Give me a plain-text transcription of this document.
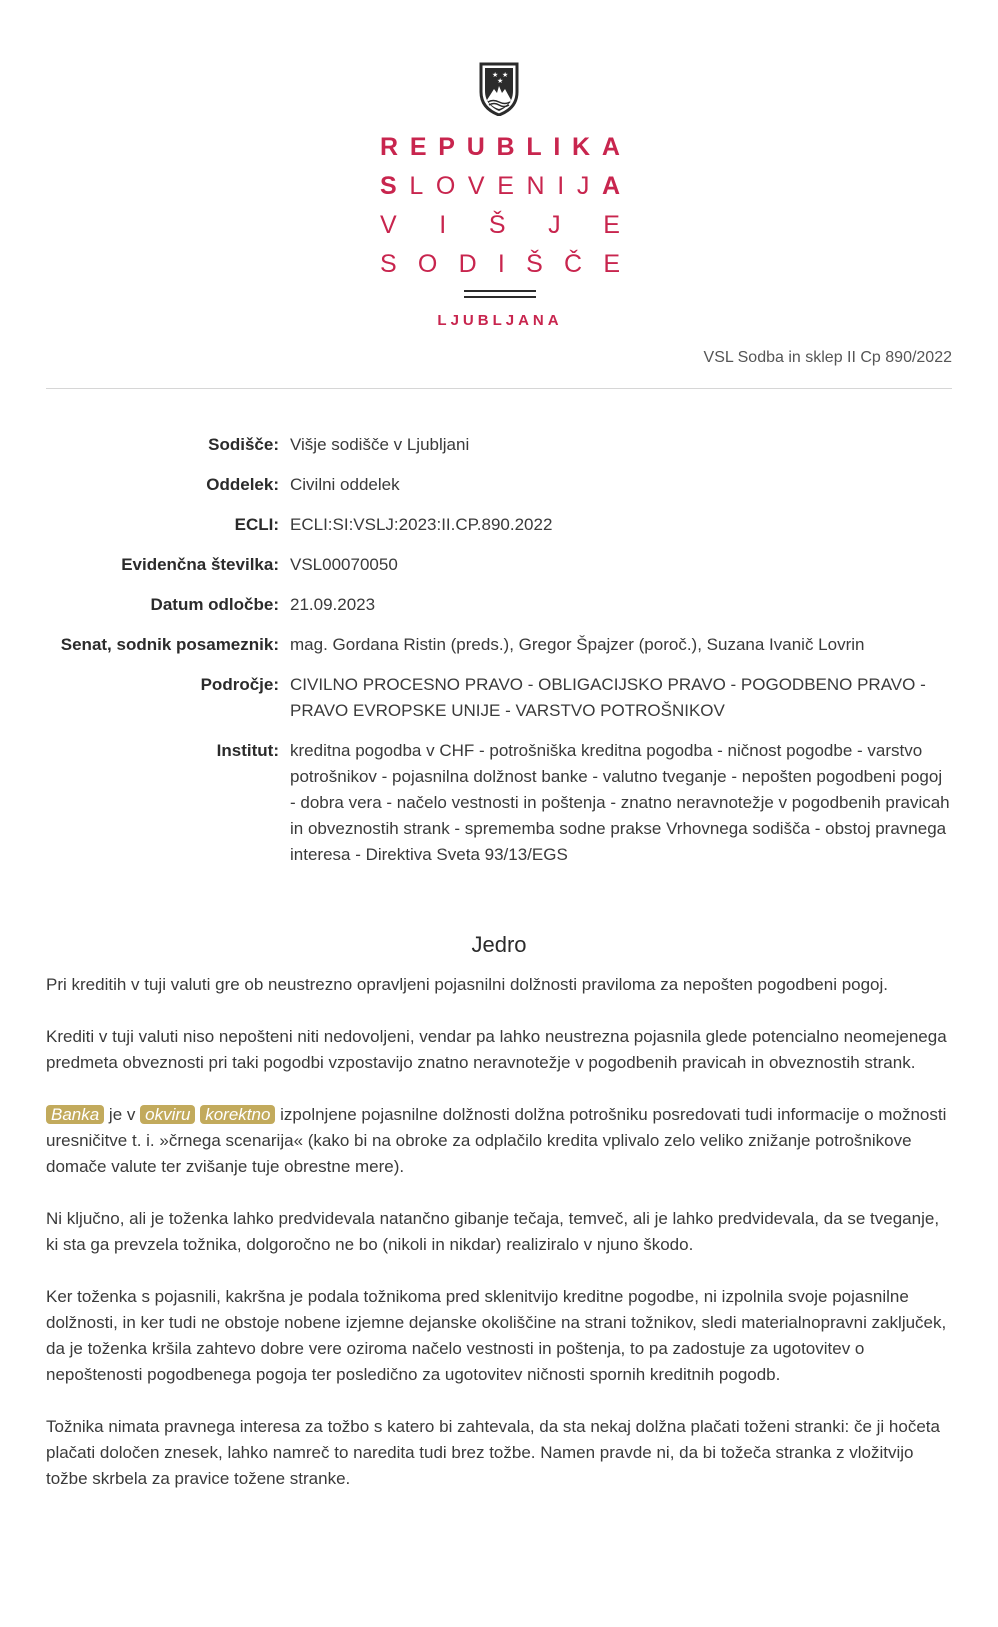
★ ★
★
R E P U B L I K A
S L O V E N I J A
V I Š J E
S O D I Š Č E
LJUBLJANA
VSL Sodba in sklep II Cp 890/2022
Sodišče: Višje sodišče v Ljubljani
Oddelek: Civilni oddelek
ECLI: ECLI:SI:VSLJ:2023:II.CP.890.2022
Evidenčna številka: VSL00070050
Datum odločbe: 21.09.2023
Senat, sodnik posameznik: mag. Gordana Ristin (preds.), Gregor Špajzer (poroč.), Suzana Ivanič Lovrin
Področje: CIVILNO PROCESNO PRAVO - OBLIGACIJSKO PRAVO - POGODBENO PRAVO - PRAVO EVROPSKE UNIJE - VARSTVO POTROŠNIKOV
Institut: kreditna pogodba v CHF - potrošniška kreditna pogodba - ničnost pogodbe - varstvo potrošnikov - pojasnilna dolžnost banke - valutno tveganje - nepošten pogodbeni pogoj - dobra vera - načelo vestnosti in poštenja - znatno neravnotežje v pogodbenih pravicah in obveznostih strank - sprememba sodne prakse Vrhovnega sodišča - obstoj pravnega interesa - Direktiva Sveta 93/13/EGS
Jedro

Pri kreditih v tuji valuti gre ob neustrezno opravljeni pojasnilni dolžnosti praviloma za nepošten pogodbeni pogoj.

Krediti v tuji valuti niso nepošteni niti nedovoljeni, vendar pa lahko neustrezna pojasnila glede potencialno neomejenega predmeta obveznosti pri taki pogodbi vzpostavijo znatno neravnotežje v pogodbenih pravicah in obveznostih strank.

Banka je v okviru korektno izpolnjene pojasnilne dolžnosti dolžna potrošniku posredovati tudi informacije o možnosti uresničitve t. i. »črnega scenarija« (kako bi na obroke za odplačilo kredita vplivalo zelo veliko znižanje potrošnikove domače valute ter zvišanje tuje obrestne mere).

Ni ključno, ali je toženka lahko predvidevala natančno gibanje tečaja, temveč, ali je lahko predvidevala, da se tveganje, ki sta ga prevzela tožnika, dolgoročno ne bo (nikoli in nikdar) realiziralo v njuno škodo.

Ker toženka s pojasnili, kakršna je podala tožnikoma pred sklenitvijo kreditne pogodbe, ni izpolnila svoje pojasnilne dolžnosti, in ker tudi ne obstoje nobene izjemne dejanske okoliščine na strani tožnikov, sledi materialnopravni zaključek, da je toženka kršila zahtevo dobre vere oziroma načelo vestnosti in poštenja, to pa zadostuje za ugotovitev o nepoštenosti pogodbenega pogoja ter posledično za ugotovitev ničnosti spornih kreditnih pogodb.

Tožnika nimata pravnega interesa za tožbo s katero bi zahtevala, da sta nekaj dolžna plačati toženi stranki: če ji hočeta plačati določen znesek, lahko namreč to naredita tudi brez tožbe. Namen pravde ni, da bi tožeča stranka z vložitvijo tožbe skrbela za pravice tožene stranke.
